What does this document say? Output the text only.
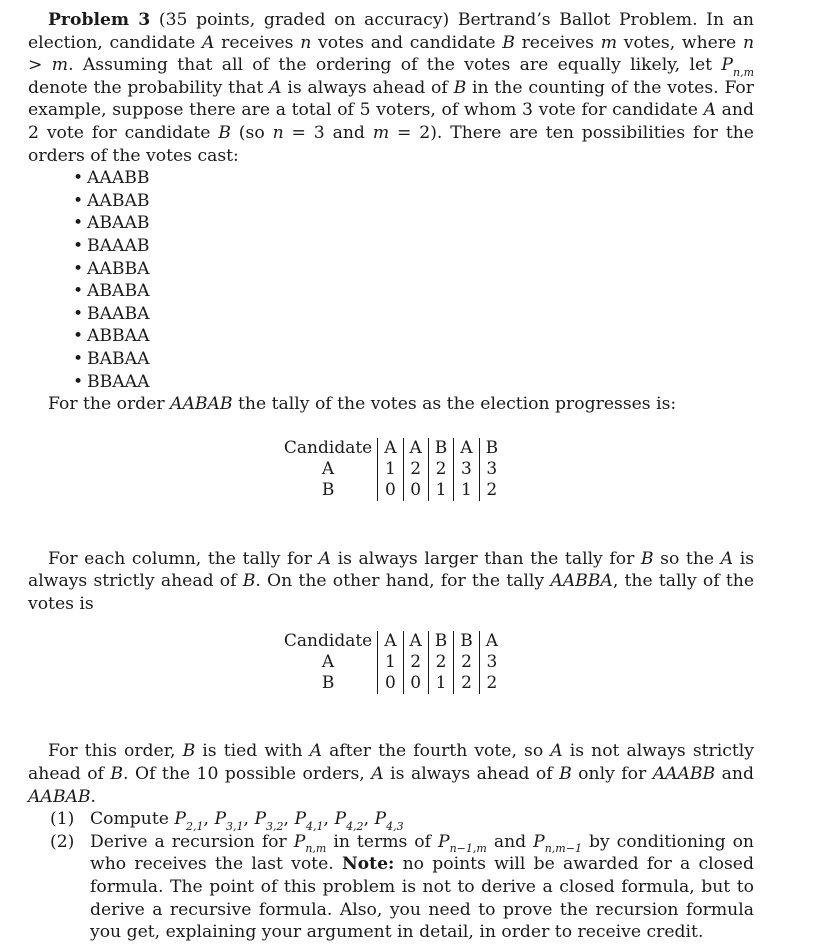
Problem 3 (35 points, graded on accuracy) Bertrand’s Ballot Problem. In an election, candidate A receives n votes and candidate B receives m votes, where n > m. Assuming that all of the ordering of the votes are equally likely, let $P_{n,m}$ denote the probability that A is always ahead of B in the counting of the votes. For example, suppose there are a total of 5 voters, of whom 3 vote for candidate A and 2 vote for candidate B (so n = 3 and m = 2). There are ten possibilities for the orders of the votes cast:

• AAABB
• AABAB
• ABAAB
• BAAAB
• AABBA
• ABABA
• BAABA
• ABBAA
• BABAA
• BBAAA

For the order AABAB the tally of the votes as the election progresses is:

Candidate	A	A	B	A	B
A	1	2	2	3	3
B	0	0	1	1	2

For each column, the tally for A is always larger than the tally for B so the A is always strictly ahead of B. On the other hand, for the tally AABBA, the tally of the votes is

Candidate	A	A	B	B	A
A	1	2	2	2	3
B	0	0	1	2	2

For this order, B is tied with A after the fourth vote, so A is not always strictly ahead of B. Of the 10 possible orders, A is always ahead of B only for AAABB and AABAB.

(1) Compute $P_{2,1}$, $P_{3,1}$, $P_{3,2}$, $P_{4,1}$, $P_{4,2}$, $P_{4,3}$
(2) Derive a recursion for $P_{n,m}$ in terms of $P_{n-1,m}$ and $P_{n,m-1}$ by conditioning on who receives the last vote. Note: no points will be awarded for a closed formula. The point of this problem is not to derive a closed formula, but to derive a recursive formula. Also, you need to prove the recursion formula you get, explaining your argument in detail, in order to receive credit.
